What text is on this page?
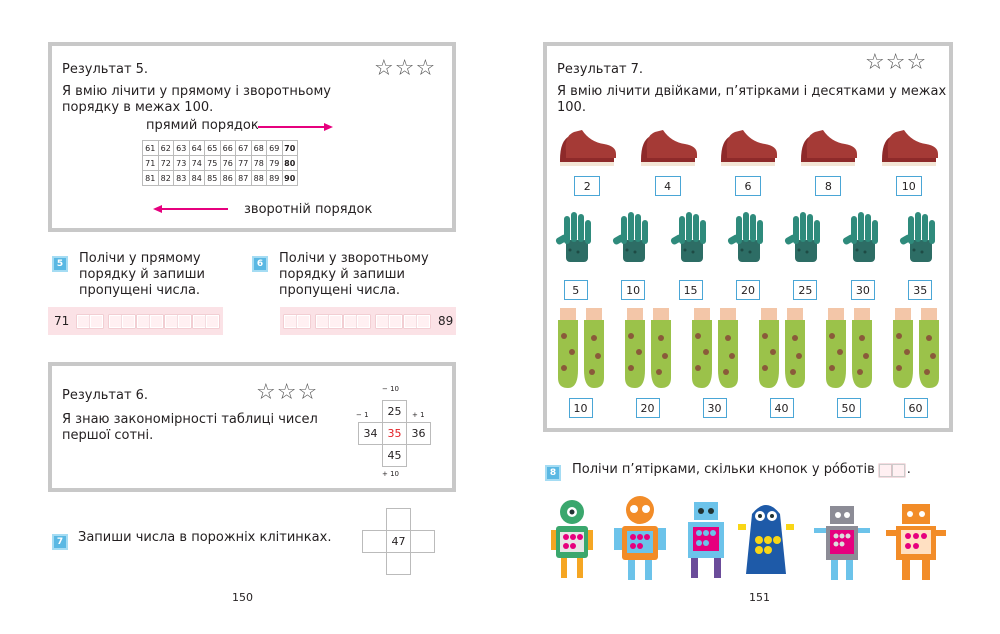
Результат 5.	☆☆☆
Я вмію лічити у прямому і зворотньому порядку в межах 100.
прямий порядок
61	62	63	64	65	66	67	68	69	70
71	72	73	74	75	76	77	78	79	80
81	82	83	84	85	86	87	88	89	90
зворотній порядок
5	Полічи у прямому порядку й запиши пропущені числа.
71
6	Полічи у зворотньому порядку й запиши пропущені числа.
89
Результат 6.	☆☆☆
Я знаю закономірності таблиці чисел першої сотні.
− 10
− 1	+ 1
	25	
34	35	36
	45	
+ 10
7	Запиши числа в порожніх клітинках.

		47	

150
Результат 7.	☆☆☆
Я вмію лічити двійками, п’ятірками і десятками у межах 100.
2	4	6	8	10
5	10	15	20	25	30	35
10	20	30	40	50	60
8	Полічи п’ятірками, скільки кнопок у рóботів .
151
